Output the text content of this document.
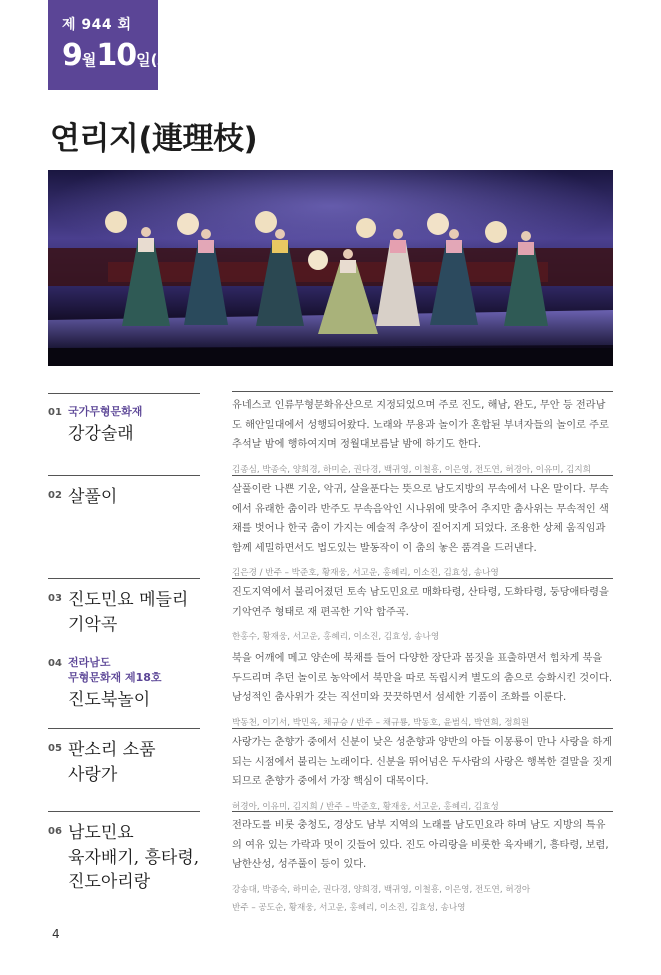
제 944 회
9월10일(토)
연리지(連理枝)
01 국가무형문화재
강강술래

유네스코 인류무형문화유산으로 지정되었으며 주로 진도, 해남, 완도, 무안 등 전라남도 해안일대에서 성행되어왔다. 노래와 무용과 놀이가 혼합된 부녀자들의 놀이로 주로 추석날 밤에 행하여지며 정월대보름날 밤에 하기도 한다.

김종심, 박종숙, 양희경, 하미순, 권다경, 백귀영, 이철흥, 이은영, 전도연, 허경아, 이유미, 김지희
02 살풀이	살풀이란 나쁜 기운, 악귀, 살을푼다는 뜻으로 남도지방의 무속에서 나온 말이다. 무속에서 유래한 춤이라 반주도 무속음악인 시나위에 맞추어 추지만 춤사위는 무속적인 색채를 벗어나 한국 춤이 가지는 예술적 추상이 짙어지게 되었다. 조용한 상체 움직임과 함께 세밀하면서도 법도있는 발동작이 이 춤의 놓은 품격을 드러낸다.

김은경 / 반주 – 박준호, 황재웅, 서고운, 홍혜리, 이소진, 김효성, 송나영
03 진도민요 메들리
기악곡

진도지역에서 불리어졌던 토속 남도민요로 매화타령, 산타령, 도화타령, 둥당애타령을 기악연주 형태로 재 편곡한 기악 합주곡.

한홍수, 황재웅, 서고운, 홍혜리, 이소진, 김효성, 송나영
04 전라남도
무형문화재 제18호
진도북놀이

북을 어깨에 메고 양손에 북채를 들어 다양한 장단과 몸짓을 표출하면서 힘차게 북을 두드리며 추던 놀이로 농악에서 북만을 따로 독립시켜 별도의 춤으로 승화시킨 것이다. 남성적인 춤사위가 갖는 직선미와 끗끗하면서 섬세한 기품이 조화를 이룬다.

박동천, 이기서, 박민옥, 채규승 / 반주 – 채규룡, 박동호, 윤범식, 박연희, 정희원
05 판소리 소품
사랑가

사랑가는 춘향가 중에서 신분이 낮은 성춘향과 양반의 아들 이몽룡이 만나 사랑을 하게 되는 시점에서 불리는 노래이다. 신분을 뛰어넘은 두사람의 사랑은 행복한 결말을 짓게 되므로 춘향가 중에서 가장 핵심이 대목이다.

허경아, 이유미, 김지희 / 반주 – 박준호, 황재웅, 서고운, 홍혜리, 김효성
06 남도민요
육자배기, 흥타령,
진도아리랑

전라도를 비롯 충청도, 경상도 남부 지역의 노래를 남도민요라 하며 남도 지방의 특유의 여유 있는 가락과 멋이 깃들어 있다. 진도 아리랑을 비롯한 육자배기, 흥타령, 보렴, 남한산성, 성주풀이 등이 있다.

강송대, 박종숙, 하미순, 권다경, 양희경, 백귀영, 이철흥, 이은영, 전도연, 허경아
반주 – 공도순, 황재웅, 서고운, 홍혜리, 이소진, 김효성, 송나영
4
